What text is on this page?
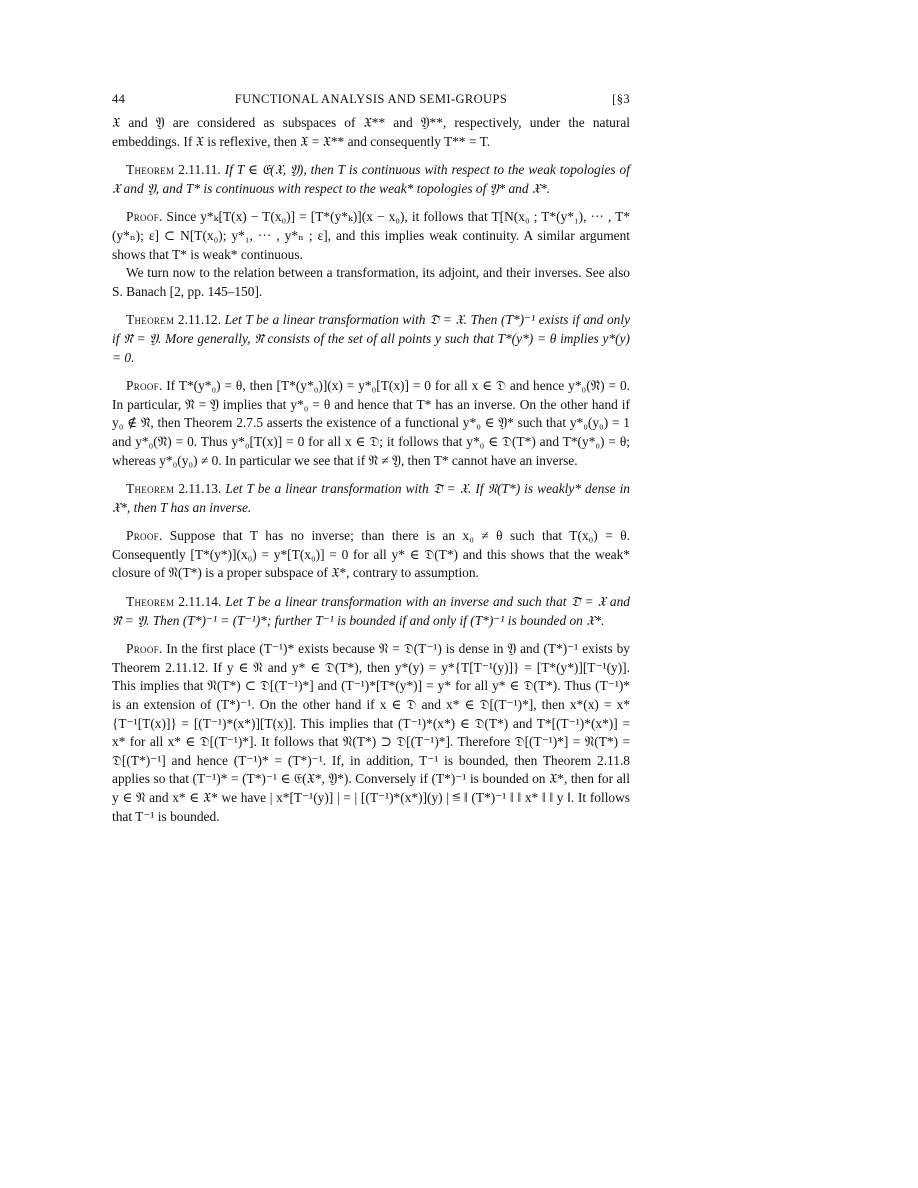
44	FUNCTIONAL ANALYSIS AND SEMI-GROUPS	[§3

𝔛 and 𝔜 are considered as subspaces of 𝔛** and 𝔜**, respectively, under the natural embeddings. If 𝔛 is reflexive, then 𝔛 = 𝔛** and consequently T** = T.

Theorem 2.11.11. If T ∈ 𝔈(𝔛, 𝔜), then T is continuous with respect to the weak topologies of 𝔛 and 𝔜, and T* is continuous with respect to the weak* topologies of 𝔜* and 𝔛*.

Proof. Since y*ₖ[T(x) − T(x₀)] = [T*(y*ₖ)](x − x₀), it follows that T[N(x₀ ; T*(y*₁), ··· , T*(y*ₙ); ε] ⊂ N[T(x₀); y*₁, ··· , y*ₙ ; ε], and this implies weak continuity. A similar argument shows that T* is weak* continuous.

We turn now to the relation between a transformation, its adjoint, and their inverses. See also S. Banach [2, pp. 145–150].

Theorem 2.11.12. Let T be a linear transformation with 𝔇̄ = 𝔛. Then (T*)⁻¹ exists if and only if 𝔑̄ = 𝔜. More generally, 𝔑̄ consists of the set of all points y such that T*(y*) = θ implies y*(y) = 0.

Proof. If T*(y*₀) = θ, then [T*(y*₀)](x) = y*₀[T(x)] = 0 for all x ∈ 𝔇 and hence y*₀(𝔑̄) = 0. In particular, 𝔑̄ = 𝔜 implies that y*₀ = θ and hence that T* has an inverse. On the other hand if y₀ ∉ 𝔑̄, then Theorem 2.7.5 asserts the existence of a functional y*₀ ∈ 𝔜* such that y*₀(y₀) = 1 and y*₀(𝔑̄) = 0. Thus y*₀[T(x)] = 0 for all x ∈ 𝔇; it follows that y*₀ ∈ 𝔇(T*) and T*(y*₀) = θ; whereas y*₀(y₀) ≠ 0. In particular we see that if 𝔑̄ ≠ 𝔜, then T* cannot have an inverse.

Theorem 2.11.13. Let T be a linear transformation with 𝔇̄ = 𝔛. If 𝔑(T*) is weakly* dense in 𝔛*, then T has an inverse.

Proof. Suppose that T has no inverse; than there is an x₀ ≠ θ such that T(x₀) = θ. Consequently [T*(y*)](x₀) = y*[T(x₀)] = 0 for all y* ∈ 𝔇(T*) and this shows that the weak* closure of 𝔑(T*) is a proper subspace of 𝔛*, contrary to assumption.

Theorem 2.11.14. Let T be a linear transformation with an inverse and such that 𝔇̄ = 𝔛 and 𝔑̄ = 𝔜. Then (T*)⁻¹ = (T⁻¹)*; further T⁻¹ is bounded if and only if (T*)⁻¹ is bounded on 𝔛*.

Proof. In the first place (T⁻¹)* exists because 𝔑 = 𝔇(T⁻¹) is dense in 𝔜 and (T*)⁻¹ exists by Theorem 2.11.12. If y ∈ 𝔑 and y* ∈ 𝔇(T*), then y*(y) = y*{T[T⁻¹(y)]} = [T*(y*)][T⁻¹(y)]. This implies that 𝔑(T*) ⊂ 𝔇[(T⁻¹)*] and (T⁻¹)*[T*(y*)] = y* for all y* ∈ 𝔇(T*). Thus (T⁻¹)* is an extension of (T*)⁻¹. On the other hand if x ∈ 𝔇 and x* ∈ 𝔇[(T⁻¹)*], then x*(x) = x*{T⁻¹[T(x)]} = [(T⁻¹)*(x*)][T(x)]. This implies that (T⁻¹)*(x*) ∈ 𝔇(T*) and T*[(T⁻¹)*(x*)] = x* for all x* ∈ 𝔇[(T⁻¹)*]. It follows that 𝔑(T*) ⊃ 𝔇[(T⁻¹)*]. Therefore 𝔇[(T⁻¹)*] = 𝔑(T*) = 𝔇[(T*)⁻¹] and hence (T⁻¹)* = (T*)⁻¹. If, in addition, T⁻¹ is bounded, then Theorem 2.11.8 applies so that (T⁻¹)* = (T*)⁻¹ ∈ 𝔈(𝔛*, 𝔜*). Conversely if (T*)⁻¹ is bounded on 𝔛*, then for all y ∈ 𝔑 and x* ∈ 𝔛* we have | x*[T⁻¹(y)] | = | [(T⁻¹)*(x*)](y) | ≦ ‖ (T*)⁻¹ ‖ ‖ x* ‖ ‖ y ‖. It follows that T⁻¹ is bounded.
